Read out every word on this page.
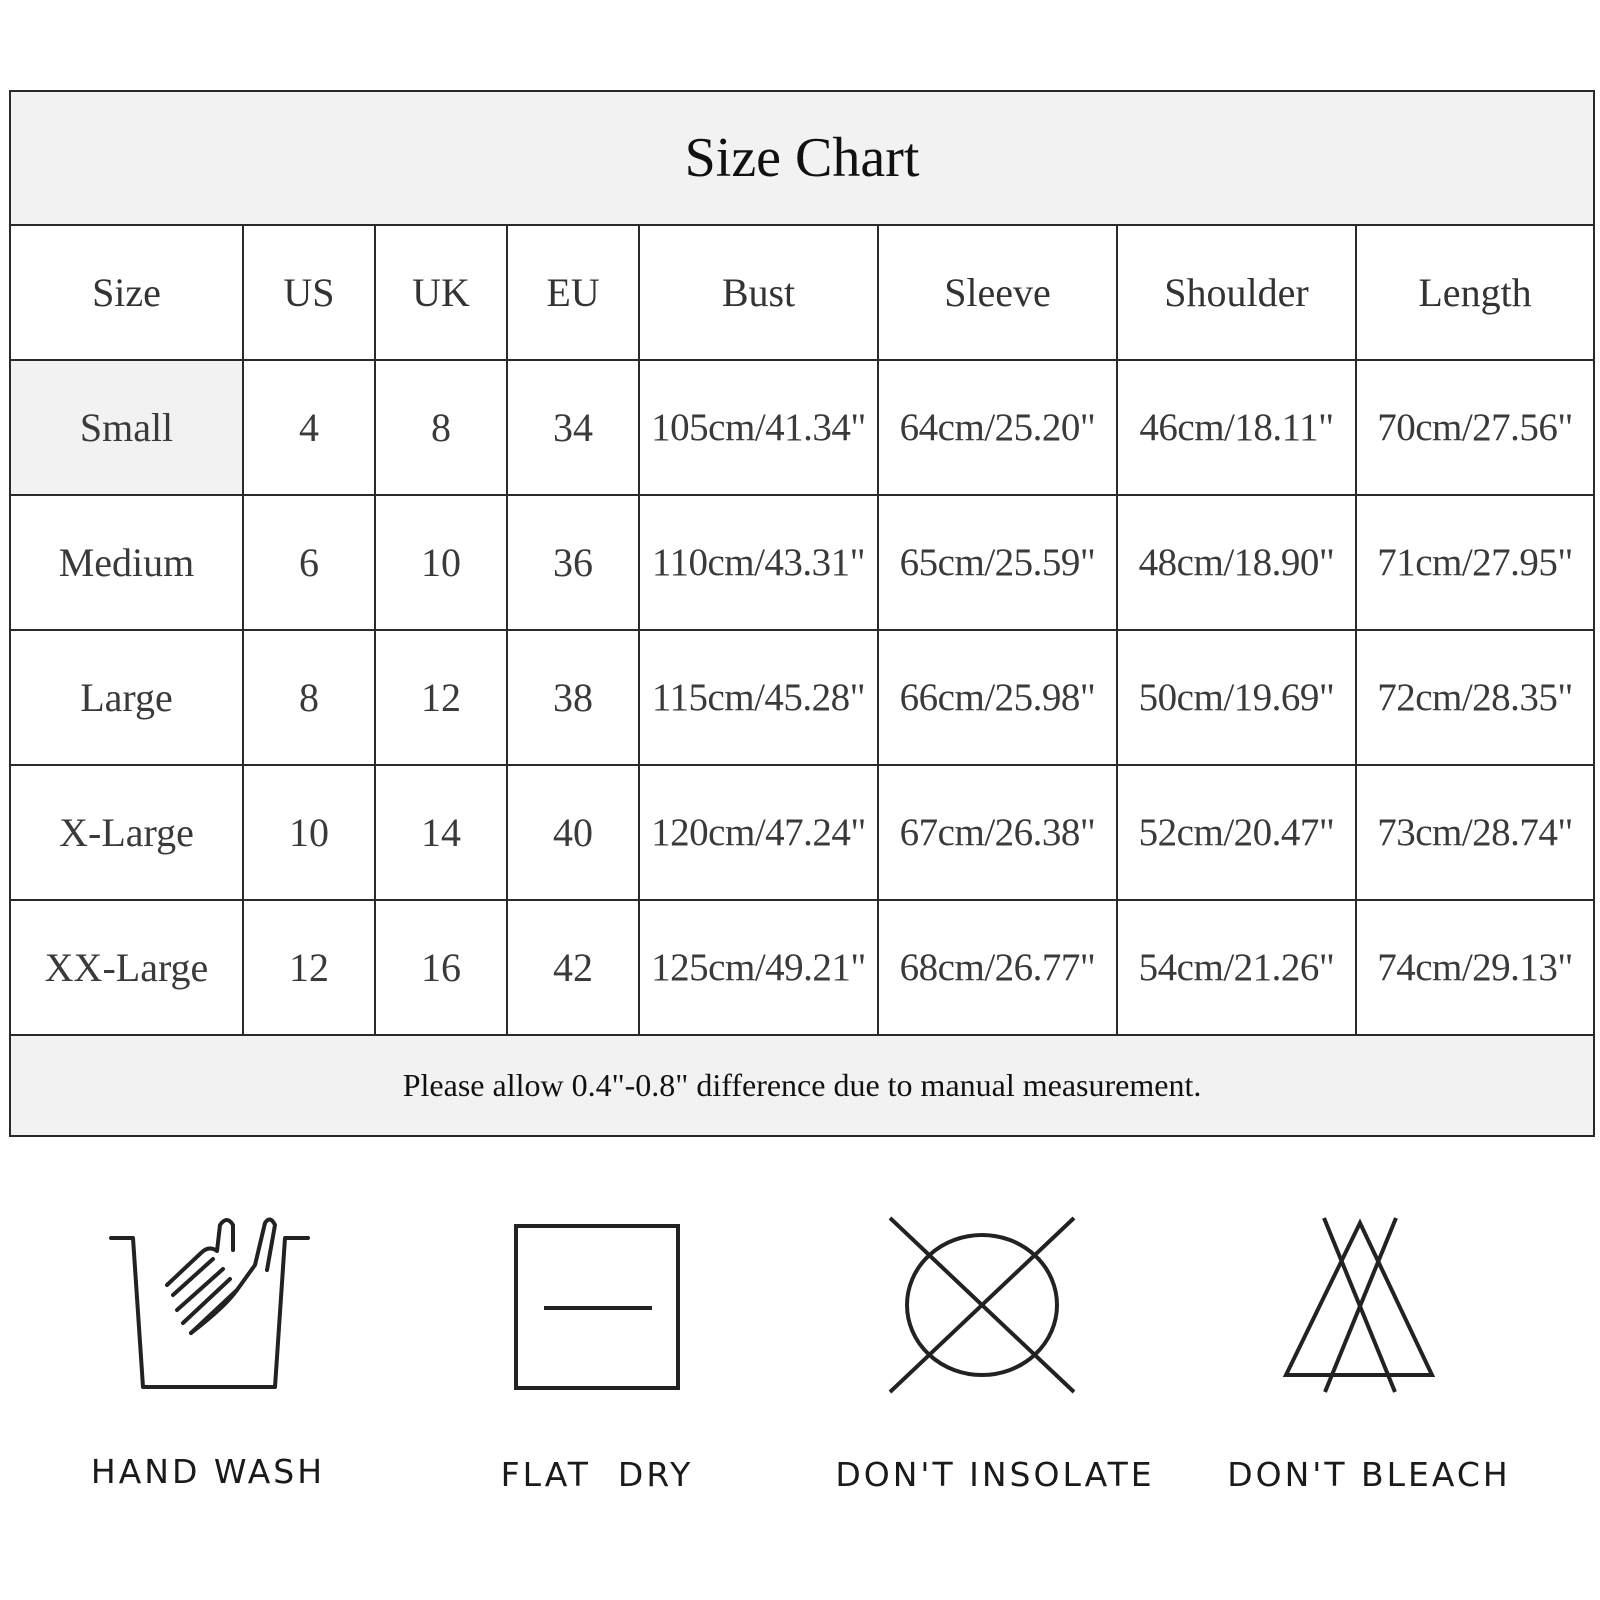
Size Chart							
Size	US	UK	EU	Bust	Sleeve	Shoulder	Length
Small	4	8	34	105cm/41.34"	64cm/25.20"	46cm/18.11"	70cm/27.56"
Medium	6	10	36	110cm/43.31"	65cm/25.59"	48cm/18.90"	71cm/27.95"
Large	8	12	38	115cm/45.28"	66cm/25.98"	50cm/19.69"	72cm/28.35"
X-Large	10	14	40	120cm/47.24"	67cm/26.38"	52cm/20.47"	73cm/28.74"
XX-Large	12	16	42	125cm/49.21"	68cm/26.77"	54cm/21.26"	74cm/29.13"
Please allow 0.4"-0.8" difference due to manual measurement.							
HAND WASH	FLAT  DRY	DON'T INSOLATE	DON'T BLEACH
